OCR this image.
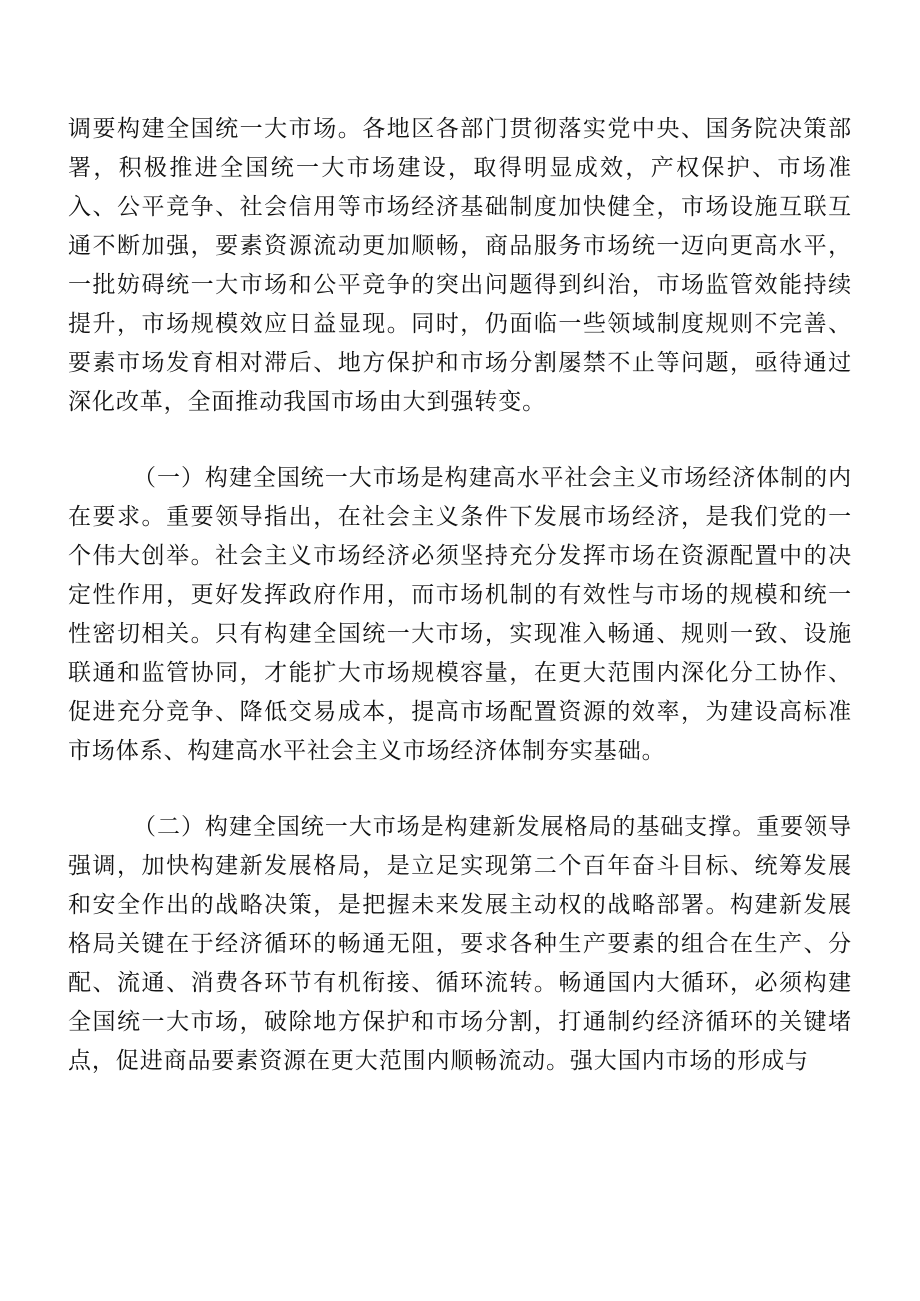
调要构建全国统一大市场。各地区各部门贯彻落实党中央、国务院决策部署，积极推进全国统一大市场建设，取得明显成效，产权保护、市场准入、公平竞争、社会信用等市场经济基础制度加快健全，市场设施互联互通不断加强，要素资源流动更加顺畅，商品服务市场统一迈向更高水平，一批妨碍统一大市场和公平竞争的突出问题得到纠治，市场监管效能持续提升，市场规模效应日益显现。同时，仍面临一些领域制度规则不完善、要素市场发育相对滞后、地方保护和市场分割屡禁不止等问题，亟待通过深化改革，全面推动我国市场由大到强转变。

（一）构建全国统一大市场是构建高水平社会主义市场经济体制的内在要求。重要领导指出，在社会主义条件下发展市场经济，是我们党的一个伟大创举。社会主义市场经济必须坚持充分发挥市场在资源配置中的决定性作用，更好发挥政府作用，而市场机制的有效性与市场的规模和统一性密切相关。只有构建全国统一大市场，实现准入畅通、规则一致、设施联通和监管协同，才能扩大市场规模容量，在更大范围内深化分工协作、促进充分竞争、降低交易成本，提高市场配置资源的效率，为建设高标准市场体系、构建高水平社会主义市场经济体制夯实基础。

（二）构建全国统一大市场是构建新发展格局的基础支撑。重要领导强调，加快构建新发展格局，是立足实现第二个百年奋斗目标、统筹发展和安全作出的战略决策，是把握未来发展主动权的战略部署。构建新发展格局关键在于经济循环的畅通无阻，要求各种生产要素的组合在生产、分配、流通、消费各环节有机衔接、循环流转。畅通国内大循环，必须构建全国统一大市场，破除地方保护和市场分割，打通制约经济循环的关键堵点，促进商品要素资源在更大范围内顺畅流动。强大国内市场的形成与
